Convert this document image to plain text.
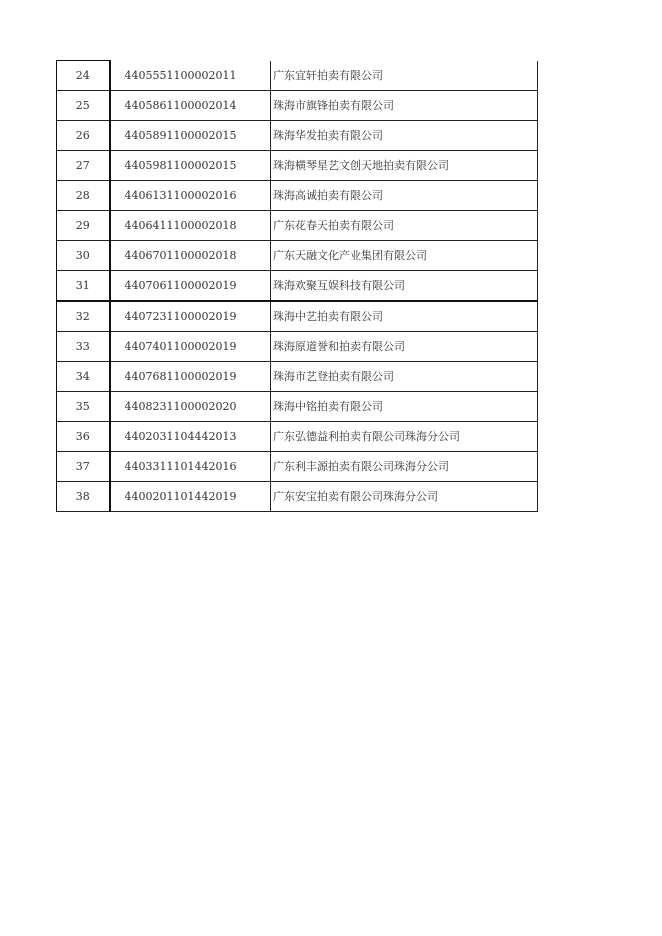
24	4405551100002011	广东宜轩拍卖有限公司
25	4405861100002014	珠海市旗锋拍卖有限公司
26	4405891100002015	珠海华发拍卖有限公司
27	4405981100002015	珠海横琴星艺文创天地拍卖有限公司
28	4406131100002016	珠海高诚拍卖有限公司
29	4406411100002018	广东花春天拍卖有限公司
30	4406701100002018	广东天融文化产业集团有限公司
31	4407061100002019	珠海欢聚互娱科技有限公司
32	4407231100002019	珠海中艺拍卖有限公司
33	4407401100002019	珠海原道誉和拍卖有限公司
34	4407681100002019	珠海市艺登拍卖有限公司
35	4408231100002020	珠海中铭拍卖有限公司
36	4402031104442013	广东弘德益利拍卖有限公司珠海分公司
37	4403311101442016	广东利丰源拍卖有限公司珠海分公司
38	4400201101442019	广东安宝拍卖有限公司珠海分公司
